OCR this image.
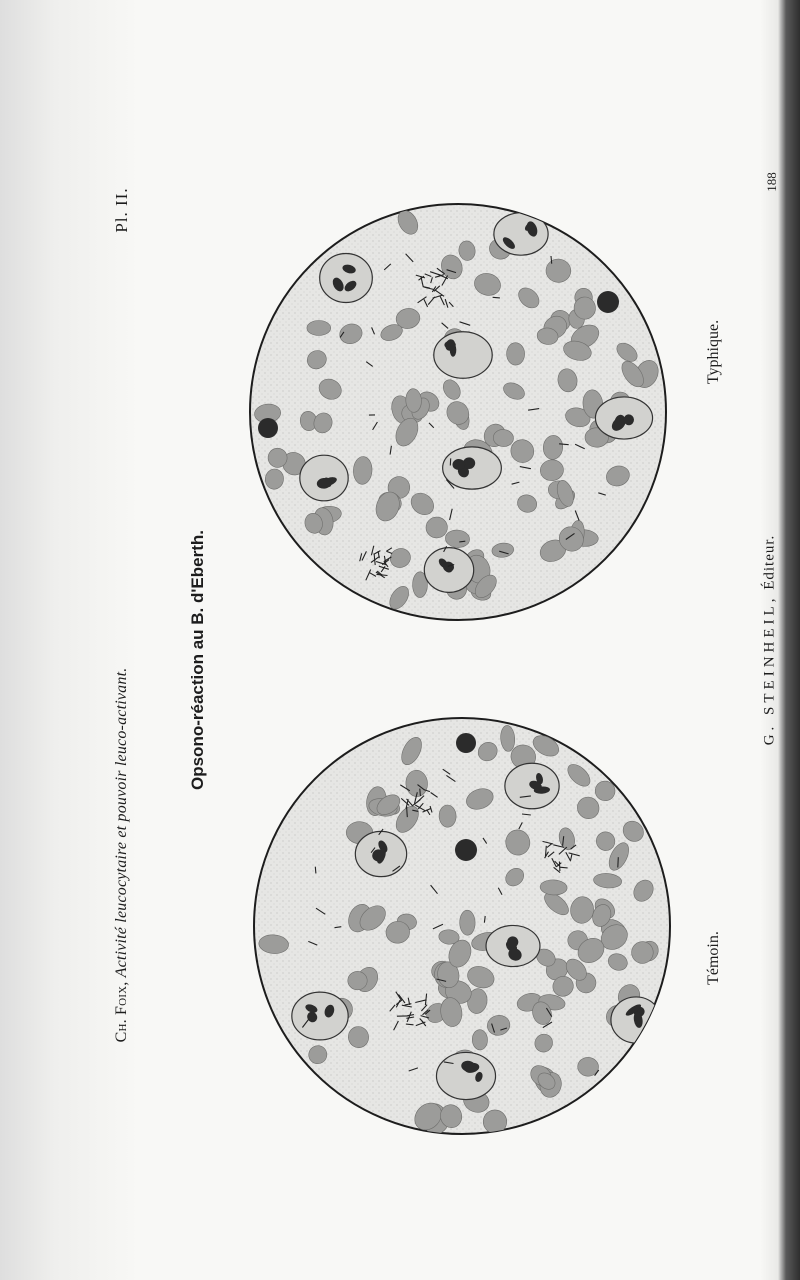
Ch. Foix, Activité leucocytaire et pouvoir leuco-activant.
Pl. II.
Opsono-réaction au B. d'Eberth.
Témoin.
Typhique.
G. STEINHEIL, Éditeur.
188
